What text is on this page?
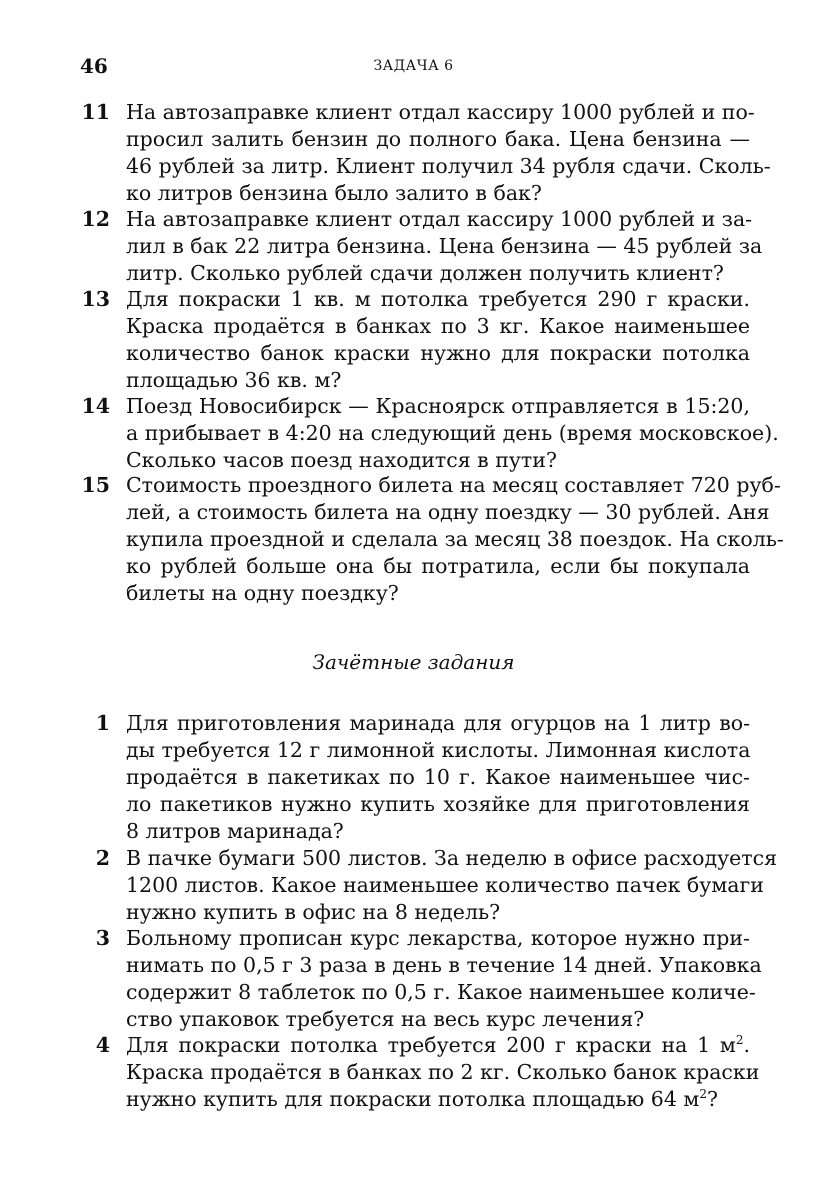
46	ЗАДАЧА 6
11 На автозаправке клиент отдал кассиру 1000 рублей и по-
просил залить бензин до полного бака. Цена бензина —
46 рублей за литр. Клиент получил 34 рубля сдачи. Сколь-
ко литров бензина было залито в бак?
12 На автозаправке клиент отдал кассиру 1000 рублей и за-
лил в бак 22 литра бензина. Цена бензина — 45 рублей за
литр. Сколько рублей сдачи должен получить клиент?
13 Для покраски 1 кв. м потолка требуется 290 г краски.
Краска продаётся в банках по 3 кг. Какое наименьшее
количество банок краски нужно для покраски потолка
площадью 36 кв. м?
14 Поезд Новосибирск — Красноярск отправляется в 15:20,
а прибывает в 4:20 на следующий день (время московское).
Сколько часов поезд находится в пути?
15 Стоимость проездного билета на месяц составляет 720 руб-
лей, а стоимость билета на одну поездку — 30 рублей. Аня
купила проездной и сделала за месяц 38 поездок. На сколь-
ко рублей больше она бы потратила, если бы покупала
билеты на одну поездку?
Зачётные задания
1 Для приготовления маринада для огурцов на 1 литр во-
ды требуется 12 г лимонной кислоты. Лимонная кислота
продаётся в пакетиках по 10 г. Какое наименьшее чис-
ло пакетиков нужно купить хозяйке для приготовления
8 литров маринада?
2 В пачке бумаги 500 листов. За неделю в офисе расходуется
1200 листов. Какое наименьшее количество пачек бумаги
нужно купить в офис на 8 недель?
3 Больному прописан курс лекарства, которое нужно при-
нимать по 0,5 г 3 раза в день в течение 14 дней. Упаковка
содержит 8 таблеток по 0,5 г. Какое наименьшее количе-
ство упаковок требуется на весь курс лечения?
4 Для покраски потолка требуется 200 г краски на 1 $м^2$.
Краска продаётся в банках по 2 кг. Сколько банок краски
нужно купить для покраски потолка площадью 64 $м^2$?
